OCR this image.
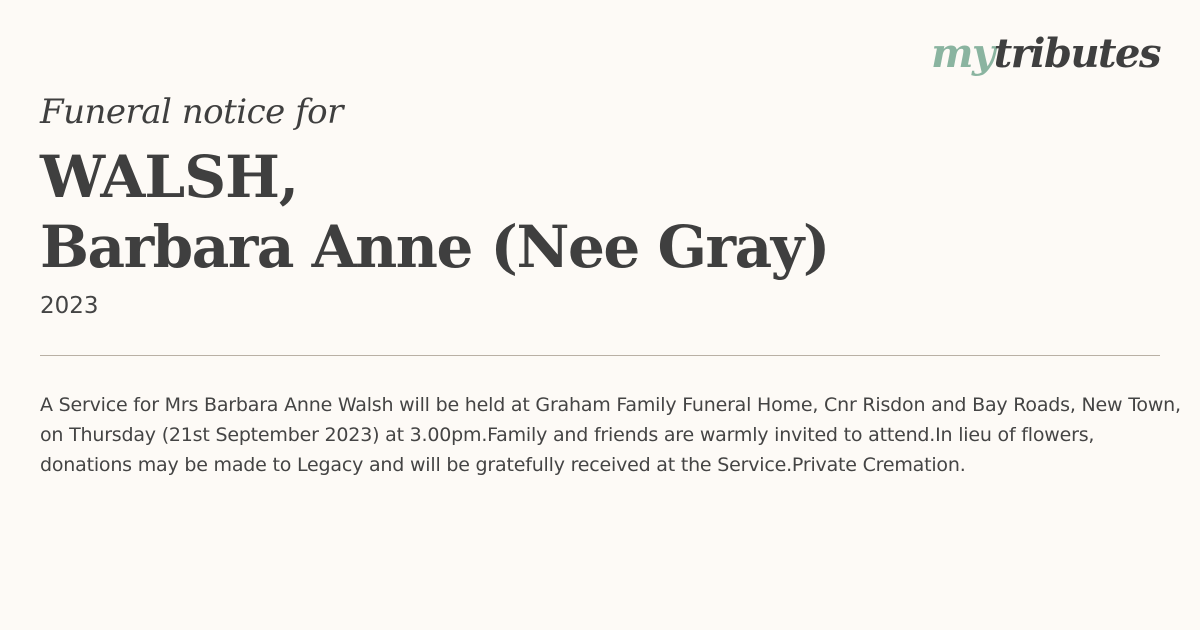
mytributes
Funeral notice for
WALSH,
Barbara Anne (Nee Gray)
2023
A Service for Mrs Barbara Anne Walsh will be held at Graham Family Funeral Home, Cnr Risdon and Bay Roads, New Town, on Thursday (21st September 2023) at 3.00pm.Family and friends are warmly invited to attend.In lieu of flowers, donations may be made to Legacy and will be gratefully received at the Service.Private Cremation.
